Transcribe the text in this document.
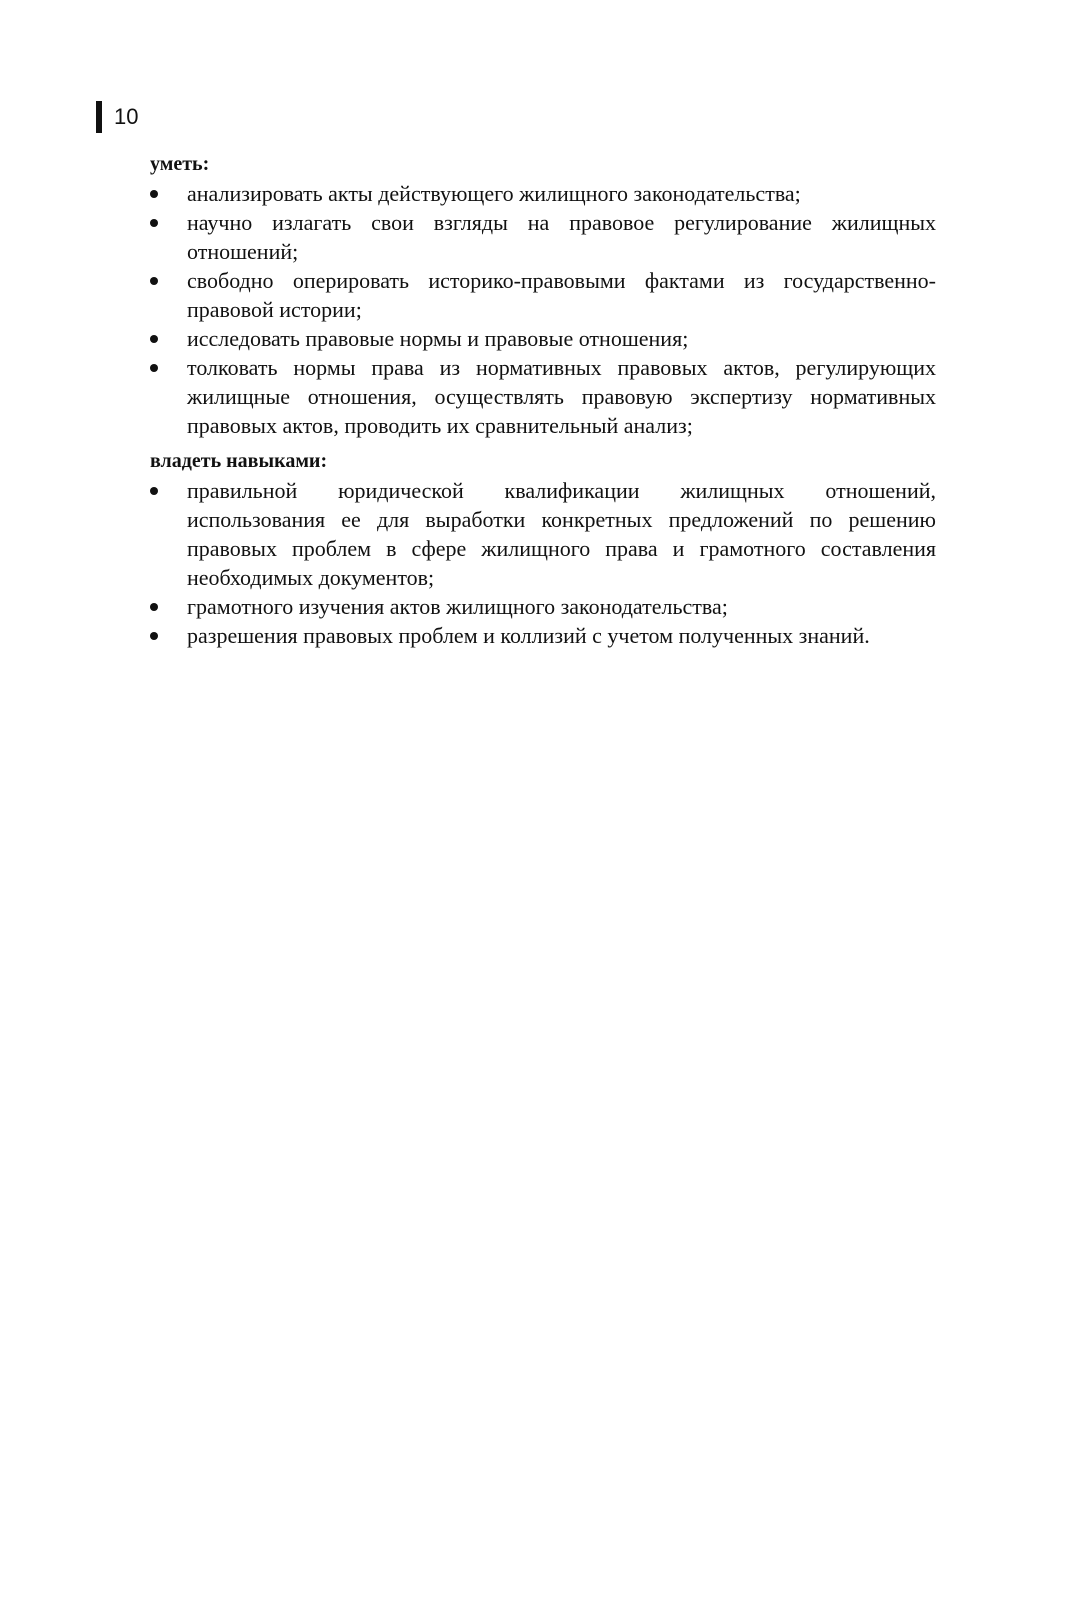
10

уметь:

анализировать акты действующего жилищного законодательства;
научно излагать свои взгляды на правовое регулирование жилищных отношений;
свободно оперировать историко-правовыми фактами из государственно-правовой истории;
исследовать правовые нормы и правовые отношения;
толковать нормы права из нормативных правовых актов, регулирующих жилищные отношения, осуществлять правовую экспертизу нормативных правовых актов, проводить их сравнительный анализ;

владеть навыками:

правильной юридической квалификации жилищных отношений, использования ее для выработки конкретных предложений по решению правовых проблем в сфере жилищного права и грамотного составления необходимых документов;
грамотного изучения актов жилищного законодательства;
разрешения правовых проблем и коллизий с учетом полученных знаний.
